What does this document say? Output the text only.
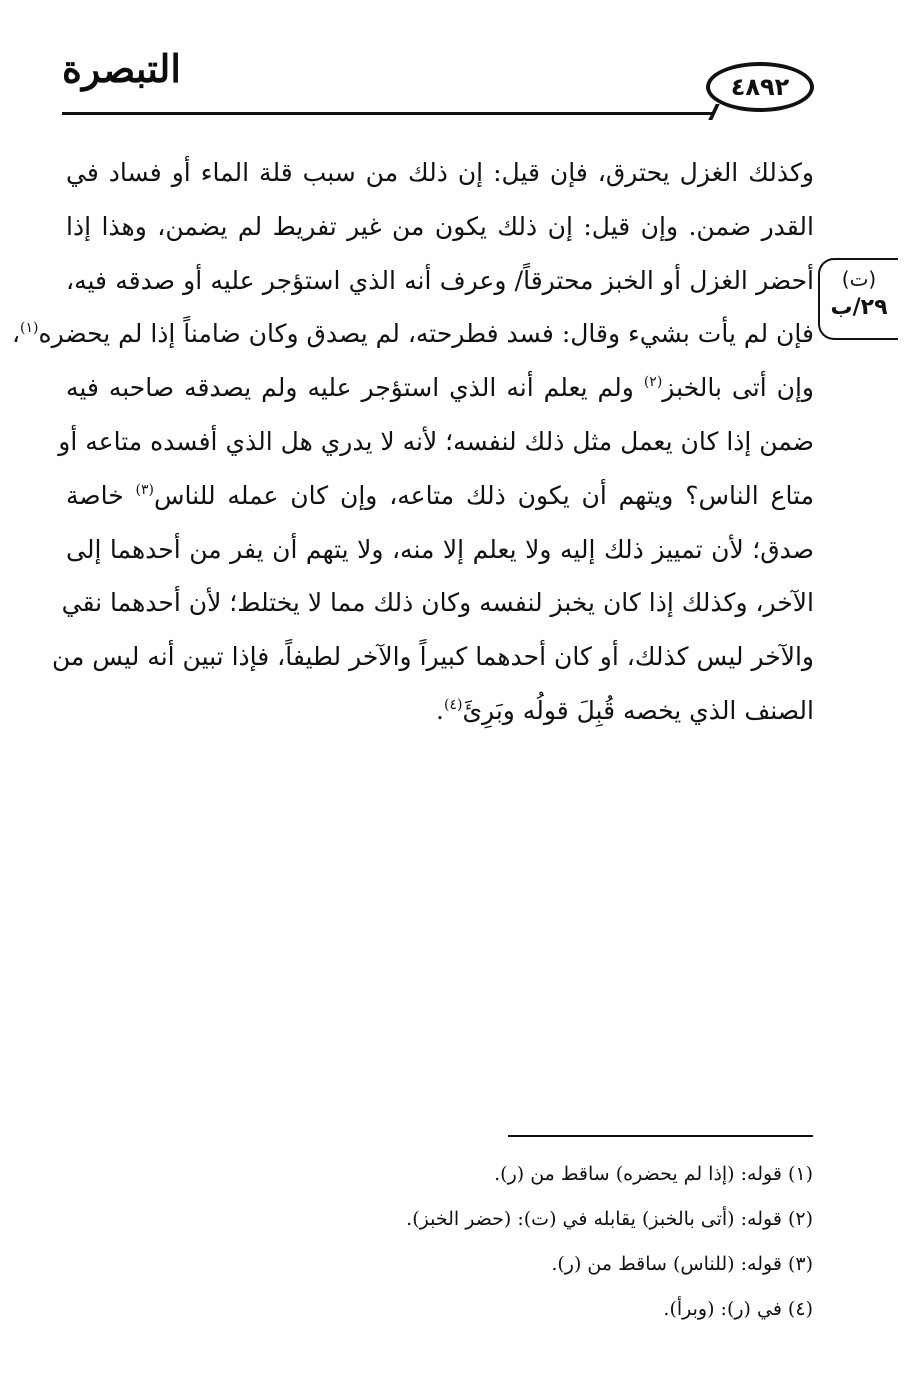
التبصرة	٤٨٩٢
(ت)
٢٩/ب
وكذلك الغزل يحترق، فإن قيل: إن ذلك من سبب قلة الماء أو فساد في
القدر ضمن. وإن قيل: إن ذلك يكون من غير تفريط لم يضمن، وهذا إذا
أحضر الغزل أو الخبز محترقاً/ وعرف أنه الذي استؤجر عليه أو صدقه فيه،
فإن لم يأت بشيء وقال: فسد فطرحته، لم يصدق وكان ضامناً إذا لم يحضره$^{(١)}$،
وإن أتى بالخبز$^{(٢)}$ ولم يعلم أنه الذي استؤجر عليه ولم يصدقه صاحبه فيه
ضمن إذا كان يعمل مثل ذلك لنفسه؛ لأنه لا يدري هل الذي أفسده متاعه أو
متاع الناس؟ ويتهم أن يكون ذلك متاعه، وإن كان عمله للناس$^{(٣)}$ خاصة
صدق؛ لأن تمييز ذلك إليه ولا يعلم إلا منه، ولا يتهم أن يفر من أحدهما إلى
الآخر، وكذلك إذا كان يخبز لنفسه وكان ذلك مما لا يختلط؛ لأن أحدهما نقي
والآخر ليس كذلك، أو كان أحدهما كبيراً والآخر لطيفاً، فإذا تبين أنه ليس من
الصنف الذي يخصه قُبِلَ قولُه وبَرِئَ$^{(٤)}$.
(١) قوله: (إذا لم يحضره) ساقط من (ر).
(٢) قوله: (أتى بالخبز) يقابله في (ت): (حضر الخبز).
(٣) قوله: (للناس) ساقط من (ر).
(٤) في (ر): (وبرأ).
